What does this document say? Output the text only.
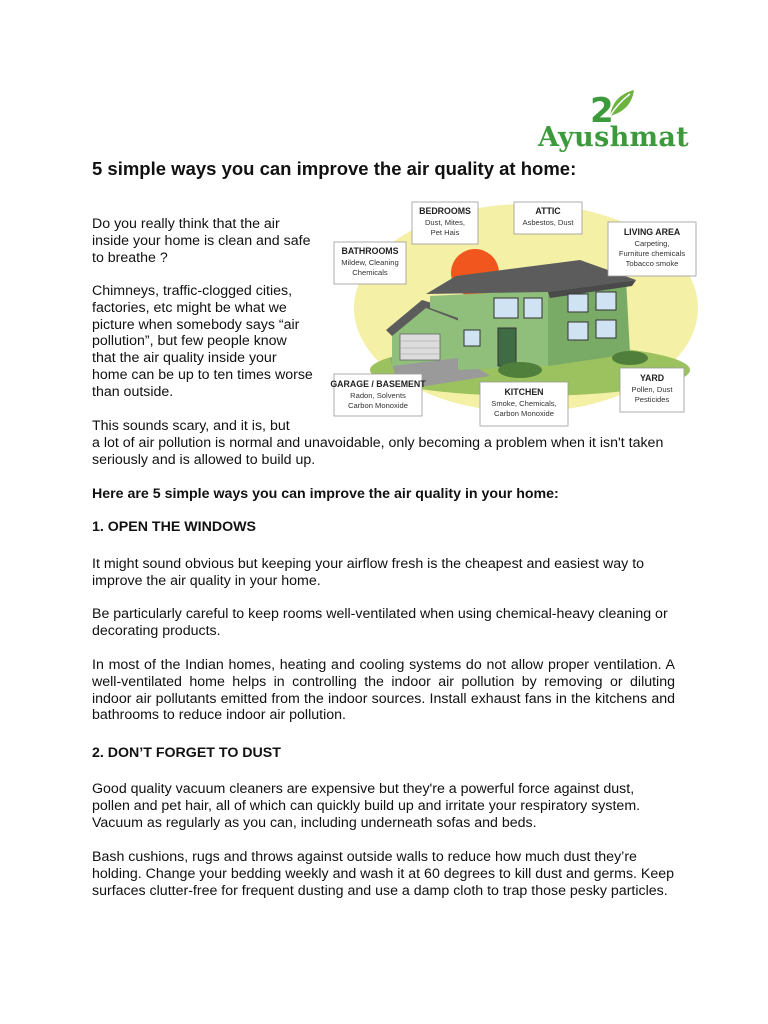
2
Ayushmat
5 simple ways you can improve the air quality at home:

Do you really think that the air inside your home is clean and safe to breathe ?

Chimneys, traffic-clogged cities, factories, etc might be what we picture when somebody says “air pollution”, but few people know that the air quality inside your home can be up to ten times worse than outside.

This sounds scary, and it is, but

a lot of air pollution is normal and unavoidable, only becoming a problem when it isn't taken seriously and is allowed to build up.

BEDROOMS
Dust, Mites,
Pet Hais
ATTIC
Asbestos, Dust
BATHROOMS
Mildew, Cleaning
Chemicals
LIVING AREA
Carpeting,
Furniture chemicals
Tobacco smoke
GARAGE / BASEMENT
Radon, Solvents
Carbon Monoxide
KITCHEN
Smoke, Chemicals,
Carbon Monoxide
YARD
Pollen, Dust
Pesticides

Here are 5 simple ways you can improve the air quality in your home:

1. OPEN THE WINDOWS

It might sound obvious but keeping your airflow fresh is the cheapest and easiest way to improve the air quality in your home.

Be particularly careful to keep rooms well-ventilated when using chemical-heavy cleaning or decorating products.

In most of the Indian homes, heating and cooling systems do not allow proper ventilation. A well-ventilated home helps in controlling the indoor air pollution by removing or diluting indoor air pollutants emitted from the indoor sources. Install exhaust fans in the kitchens and bathrooms to reduce indoor air pollution.

2. DON’T FORGET TO DUST

Good quality vacuum cleaners are expensive but they're a powerful force against dust, pollen and pet hair, all of which can quickly build up and irritate your respiratory system. Vacuum as regularly as you can, including underneath sofas and beds.

Bash cushions, rugs and throws against outside walls to reduce how much dust they’re holding. Change your bedding weekly and wash it at 60 degrees to kill dust and germs. Keep surfaces clutter-free for frequent dusting and use a damp cloth to trap those pesky particles.
